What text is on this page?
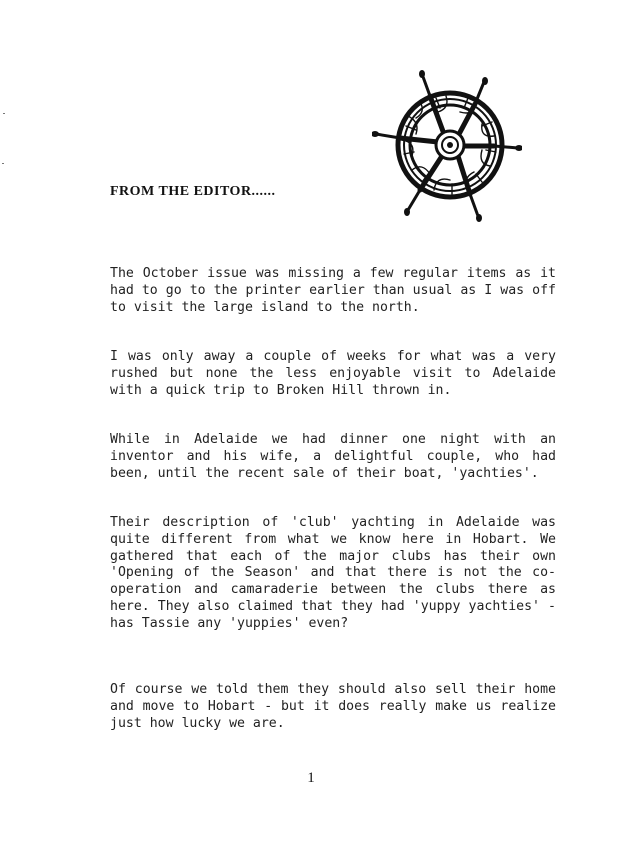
FROM THE EDITOR......

The October issue was missing a few regular items as it had to go to the printer earlier than usual as I was off to visit the large island to the north.

I was only away a couple of weeks for what was a very rushed but none the less enjoyable visit to Adelaide with a quick trip to Broken Hill thrown in.

While in Adelaide we had dinner one night with an inventor and his wife, a delightful couple, who had been, until the recent sale of their boat, 'yachties'.

Their description of 'club' yachting in Adelaide was quite different from what we know here in Hobart. We gathered that each of the major clubs has their own 'Opening of the Season' and that there is not the co-operation and camaraderie between the clubs there as here. They also claimed that they had 'yuppy yachties' - has Tassie any 'yuppies' even?

Of course we told them they should also sell their home and move to Hobart - but it does really make us realize just how lucky we are.

1
